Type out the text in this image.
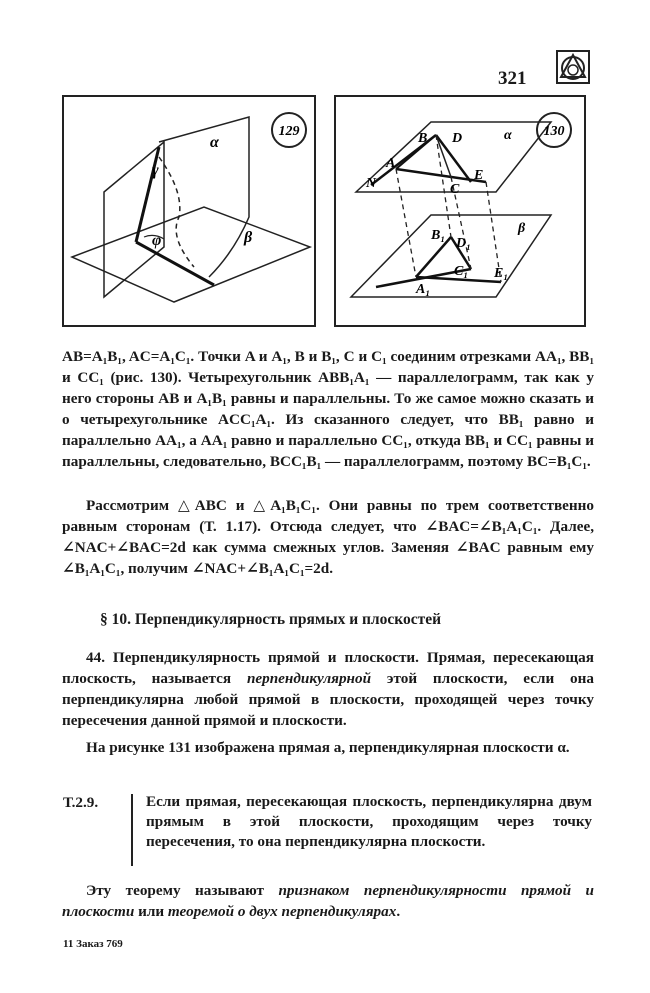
321
γ
φ
α
β
129	B D	α
A
N	C
E
β
B₁
D₁
C₁ E₁
A₁
130

AB=A₁B₁, AC=A₁C₁. Точки A и A₁, B и B₁, C и C₁ соединим отрезками AA₁, BB₁ и CC₁ (рис. 130). Четырехугольник ABB₁A₁ — параллелограмм, так как у него стороны AB и A₁B₁ равны и параллельны. То же самое можно сказать и о четырехугольнике ACC₁A₁. Из сказанного следует, что BB₁ равно и параллельно AA₁, а AA₁ равно и параллельно CC₁, откуда BB₁ и CC₁ равны и параллельны, следовательно, BCC₁B₁ — параллелограмм, поэтому BC=B₁C₁.

Рассмотрим △ABC и △A₁B₁C₁. Они равны по трем соответственно равным сторонам (Т. 1.17). Отсюда следует, что ∠BAC=∠B₁A₁C₁. Далее, ∠NAC+∠BAC=2d как сумма смежных углов. Заменяя ∠BAC равным ему ∠B₁A₁C₁, получим ∠NAC+∠B₁A₁C₁=2d.

§ 10. Перпендикулярность прямых и плоскостей

44. Перпендикулярность прямой и плоскости. Прямая, пересекающая плоскость, называется перпендикулярной этой плоскости, если она перпендикулярна любой прямой в плоскости, проходящей через точку пересечения данной прямой и плоскости.

На рисунке 131 изображена прямая a, перпендикулярная плоскости α.

Т.2.9.	Если прямая, пересекающая плоскость, перпендикулярна двум прямым в этой плоскости, проходящим через точку пересечения, то она перпендикулярна плоскости.

Эту теорему называют признаком перпендикулярности прямой и плоскости или теоремой о двух перпендикулярах.

11 Заказ 769
